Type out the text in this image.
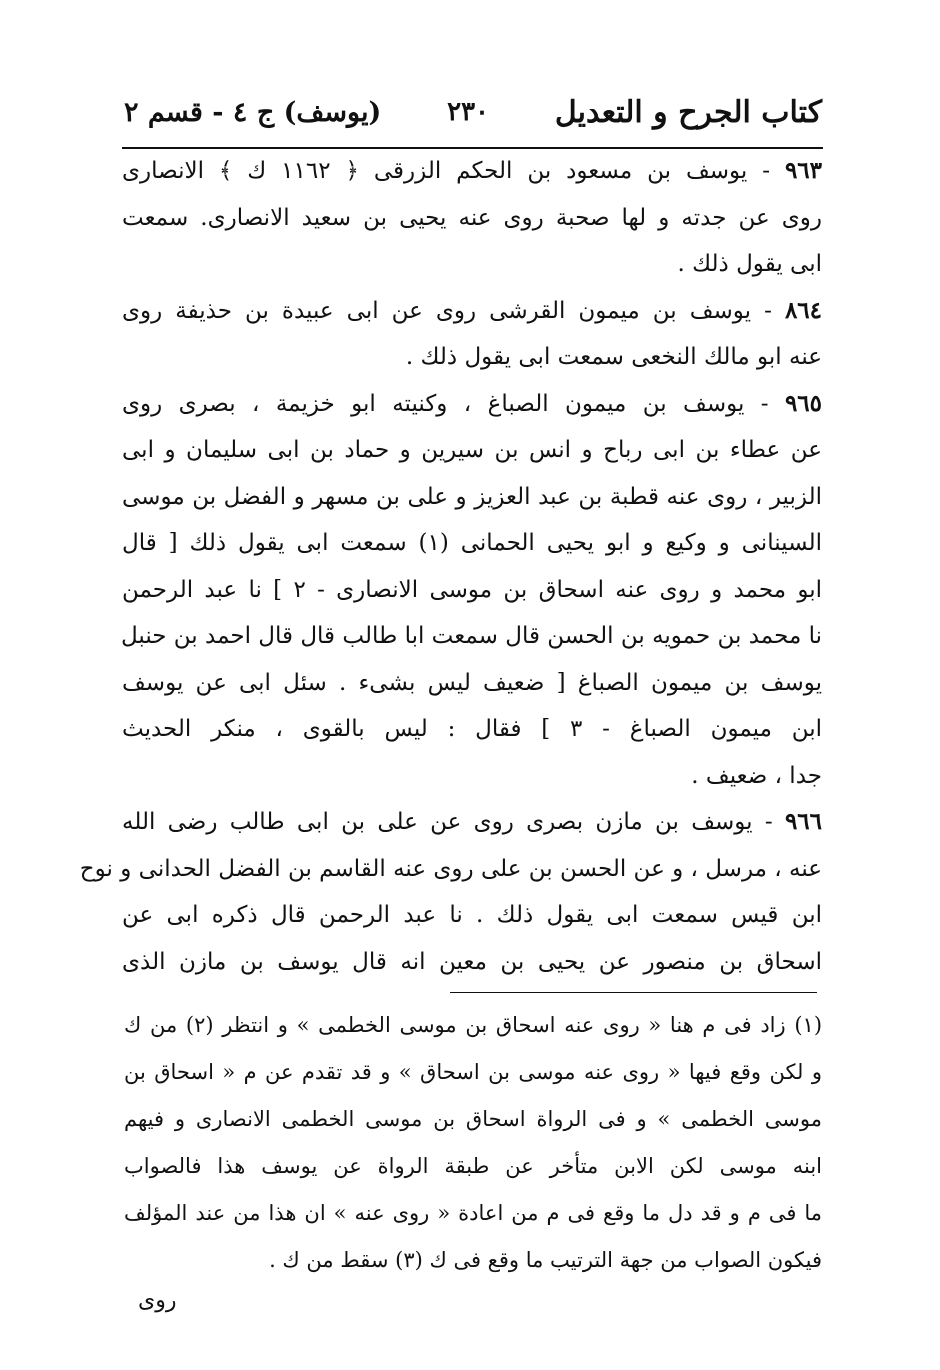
كتاب الجرح و التعديل
٢٣٠
(يوسف) ج ٤ - قسم ٢
٩٦٣ - يوسف بن مسعود بن الحكم الزرقى ﴿ ١١٦٢ ك ﴾ الانصارى
روى عن جدته و لها صحبة روى عنه يحيى بن سعيد الانصارى. سمعت
ابى يقول ذلك .
٨٦٤ - يوسف بن ميمون القرشى روى عن ابى عبيدة بن حذيفة روى
عنه ابو مالك النخعى سمعت ابى يقول ذلك .
٩٦٥ - يوسف بن ميمون الصباغ ، وكنيته ابو خزيمة ، بصرى روى
عن عطاء بن ابى رباح و انس بن سيرين و حماد بن ابى سليمان و ابى
الزبير ، روى عنه قطبة بن عبد العزيز و على بن مسهر و الفضل بن موسى
السينانى و وكيع و ابو يحيى الحمانى (١) سمعت ابى يقول ذلك [ قال
ابو محمد و روى عنه اسحاق بن موسى الانصارى - ٢ ] نا عبد الرحمن
نا محمد بن حمويه بن الحسن قال سمعت ابا طالب قال قال احمد بن حنبل
يوسف بن ميمون الصباغ [ ضعيف ليس بشىء . سئل ابى عن يوسف
ابن ميمون الصباغ - ٣ ] فقال : ليس بالقوى ، منكر الحديث
جدا ، ضعيف .
٩٦٦ - يوسف بن مازن بصرى روى عن على بن ابى طالب رضى الله
عنه ، مرسل ، و عن الحسن بن على روى عنه القاسم بن الفضل الحدانى و نوح
ابن قيس سمعت ابى يقول ذلك . نا عبد الرحمن قال ذكره ابى عن
اسحاق بن منصور عن يحيى بن معين انه قال يوسف بن مازن الذى
(١) زاد فى م هنا « روى عنه اسحاق بن موسى الخطمى » و انتظر (٢) من ك
و لكن وقع فيها « روى عنه موسى بن اسحاق » و قد تقدم عن م « اسحاق بن
موسى الخطمى » و فى الرواة اسحاق بن موسى الخطمى الانصارى و فيهم
ابنه موسى لكن الابن متأخر عن طبقة الرواة عن يوسف هذا فالصواب
ما فى م و قد دل ما وقع فى م من اعادة « روى عنه » ان هذا من عند المؤلف
فيكون الصواب من جهة الترتيب ما وقع فى ك (٣) سقط من ك .
روى
